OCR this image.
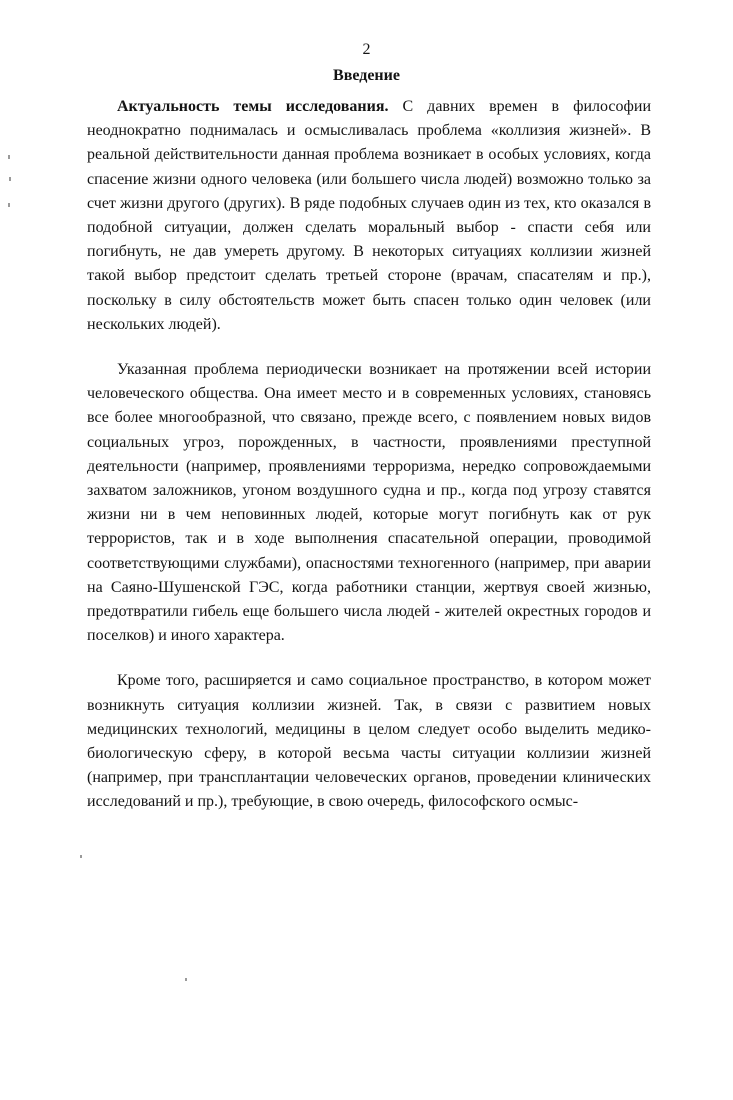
2
Введение

Актуальность темы исследования. С давних времен в философии неоднократно поднималась и осмысливалась проблема «коллизия жизней». В реальной действительности данная проблема возникает в особых условиях, когда спасение жизни одного человека (или большего числа людей) возможно только за счет жизни другого (других). В ряде подобных случаев один из тех, кто оказался в подобной ситуации, должен сделать моральный выбор - спасти себя или погибнуть, не дав умереть другому. В некоторых ситуациях коллизии жизней такой выбор предстоит сделать третьей стороне (врачам, спасателям и пр.), поскольку в силу обстоятельств может быть спасен только один человек (или нескольких людей).

Указанная проблема периодически возникает на протяжении всей истории человеческого общества. Она имеет место и в современных условиях, становясь все более многообразной, что связано, прежде всего, с появлением новых видов социальных угроз, порожденных, в частности, проявлениями преступной деятельности (например, проявлениями терроризма, нередко сопровождаемыми захватом заложников, угоном воздушного судна и пр., когда под угрозу ставятся жизни ни в чем неповинных людей, которые могут погибнуть как от рук террористов, так и в ходе выполнения спасательной операции, проводимой соответствующими службами), опасностями техногенного (например, при аварии на Саяно-Шушенской ГЭС, когда работники станции, жертвуя своей жизнью, предотвратили гибель еще большего числа людей - жителей окрестных городов и поселков) и иного характера.

Кроме того, расширяется и само социальное пространство, в котором может возникнуть ситуация коллизии жизней. Так, в связи с развитием новых медицинских технологий, медицины в целом следует особо выделить медико-биологическую сферу, в которой весьма часты ситуации коллизии жизней (например, при трансплантации человеческих органов, проведении клинических исследований и пр.), требующие, в свою очередь, философского осмыс-
